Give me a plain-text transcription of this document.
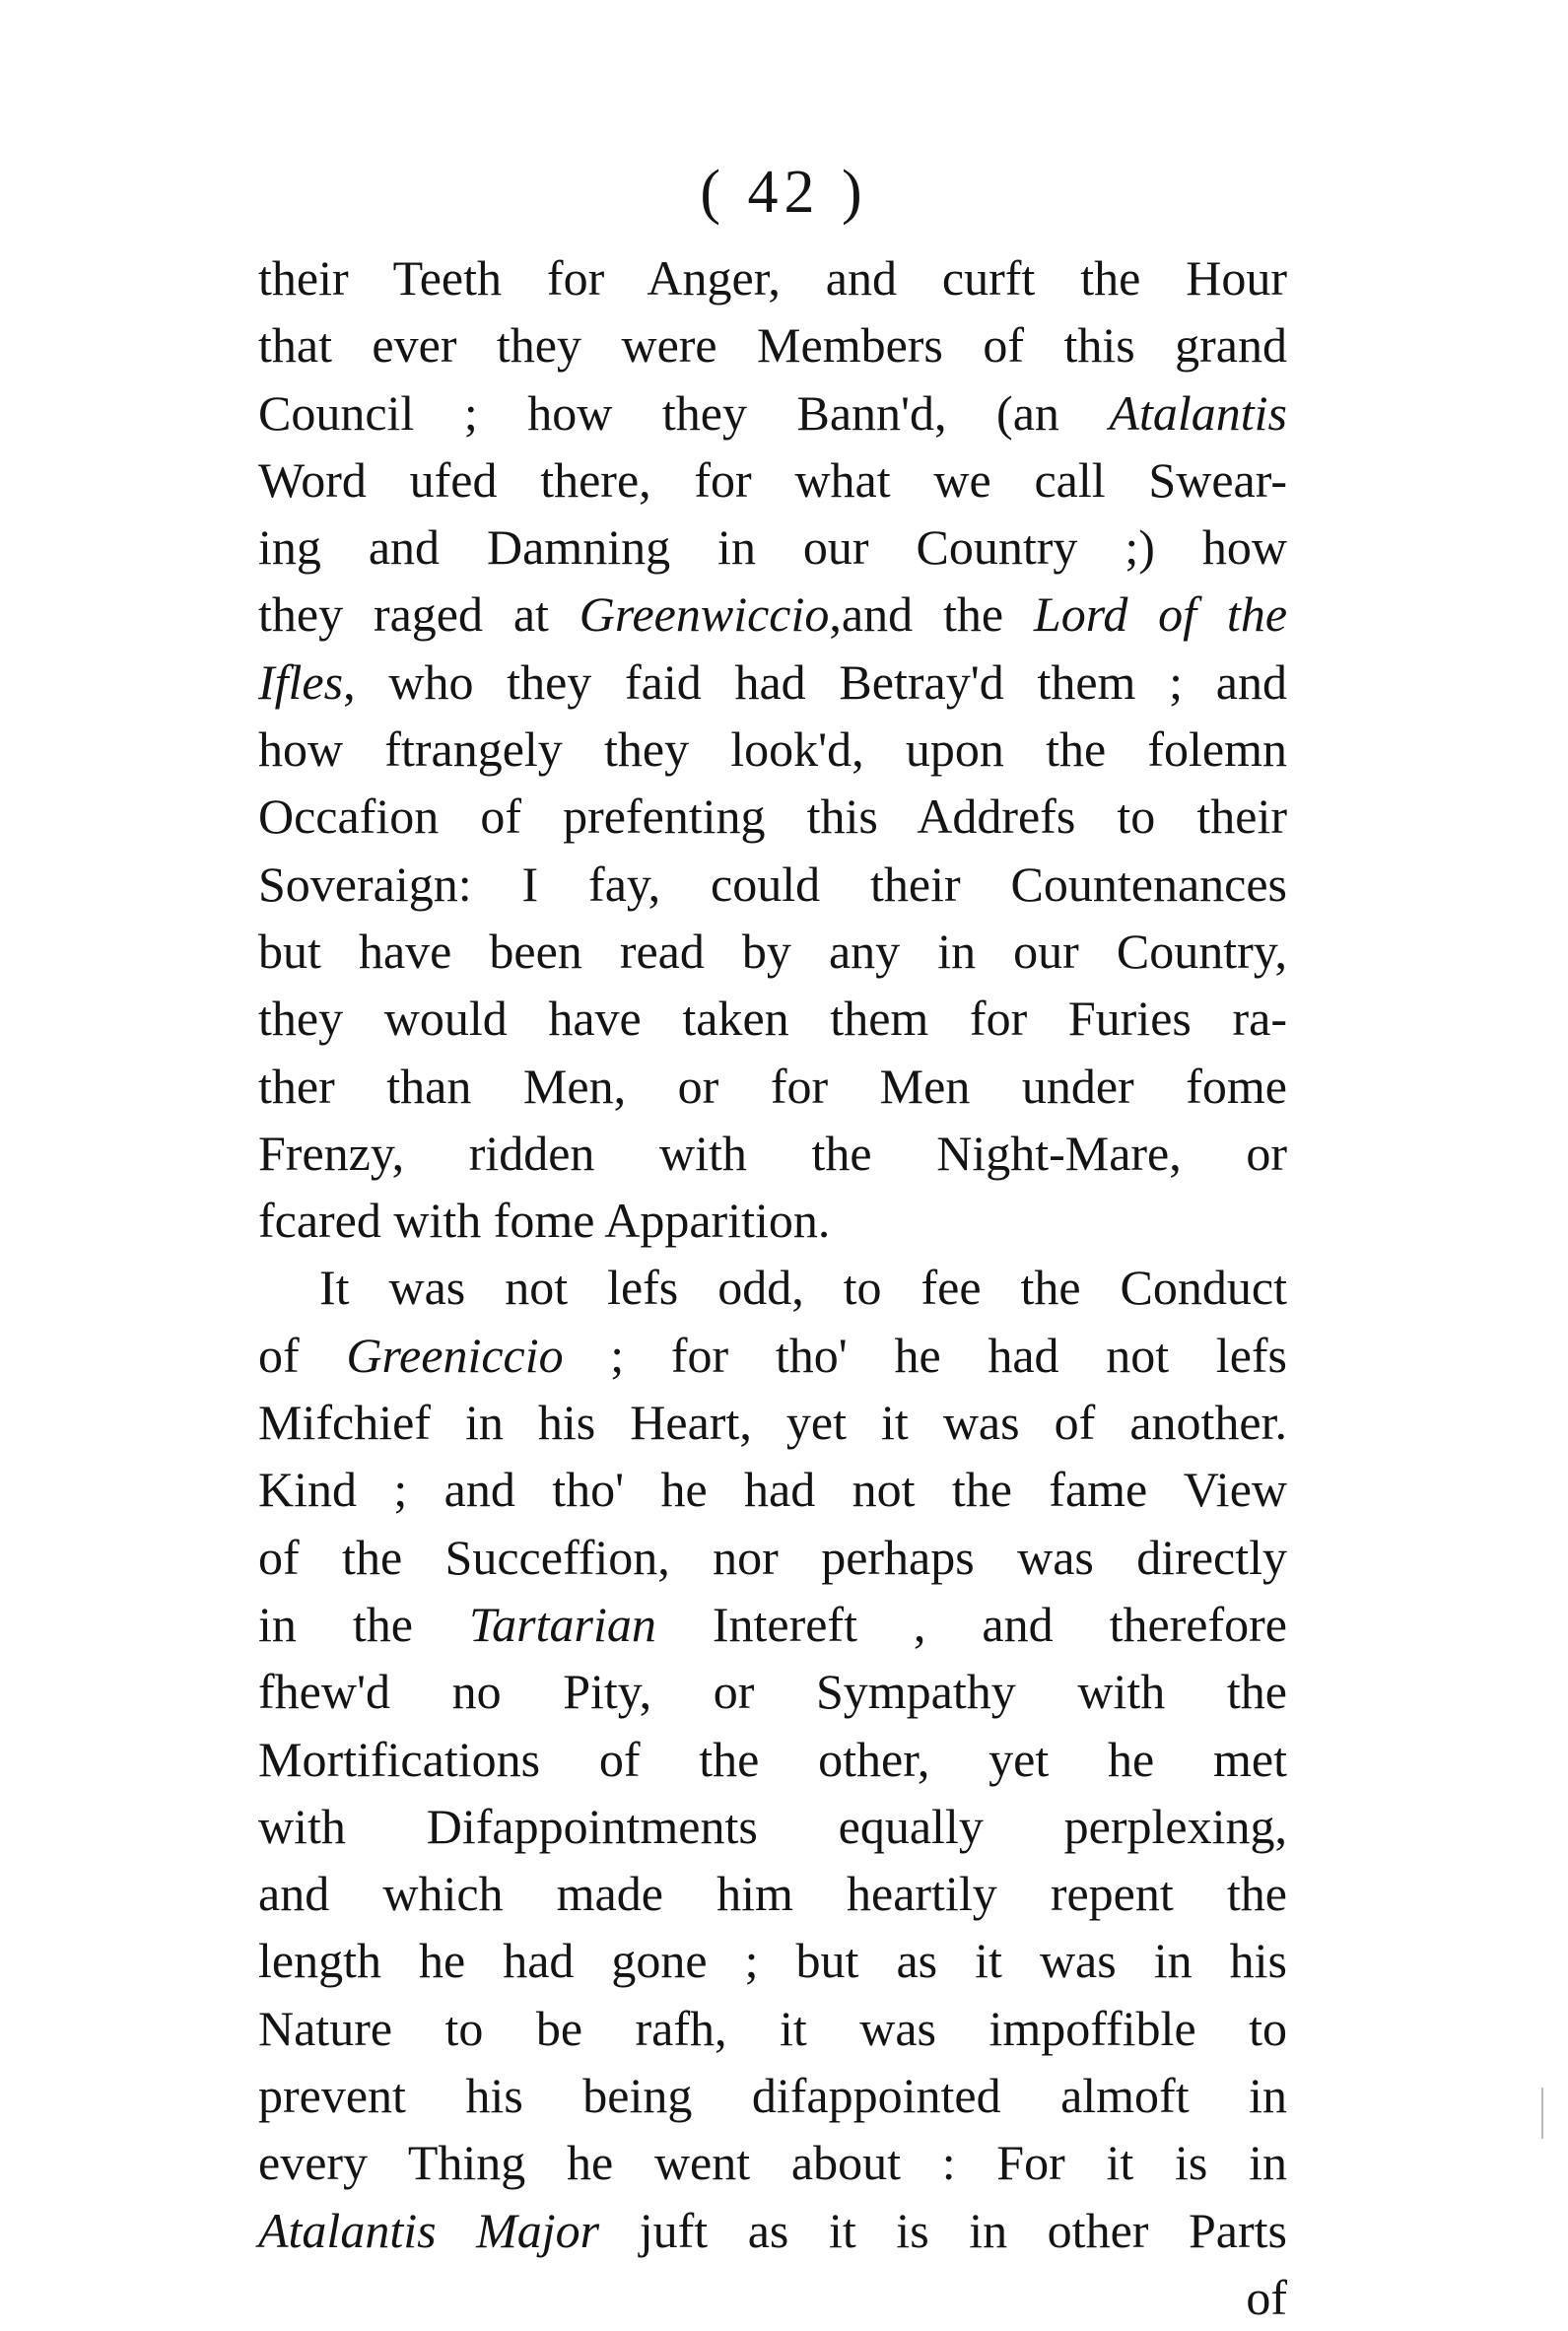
( 42 )
their Teeth for Anger, and curft the Hour
that ever they were Members of this grand
Council ; how they Bann'd, (an Atalantis
Word ufed there, for what we call Swear-
ing and Damning in our Country ;) how
they raged at Greenwiccio,and the Lord of the
Ifles, who they faid had Betray'd them ; and
how ftrangely they look'd, upon the folemn
Occafion of prefenting this Addrefs to their
Soveraign: I fay, could their Countenances
but have been read by any in our Country,
they would have taken them for Furies ra-
ther than Men, or for Men under fome
Frenzy, ridden with the Night-Mare, or
fcared with fome Apparition.
It was not lefs odd, to fee the Conduct
of Greeniccio ; for tho' he had not lefs
Mifchief in his Heart, yet it was of another.
Kind ; and tho' he had not the fame View
of the Succeffion, nor perhaps was directly
in the Tartarian Intereft , and therefore
fhew'd no Pity, or Sympathy with the
Mortifications of the other, yet he met
with Difappointments equally perplexing,
and which made him heartily repent the
length he had gone ; but as it was in his
Nature to be rafh, it was impoffible to
prevent his being difappointed almoft in
every Thing he went about : For it is in
Atalantis Major juft as it is in other Parts
of
